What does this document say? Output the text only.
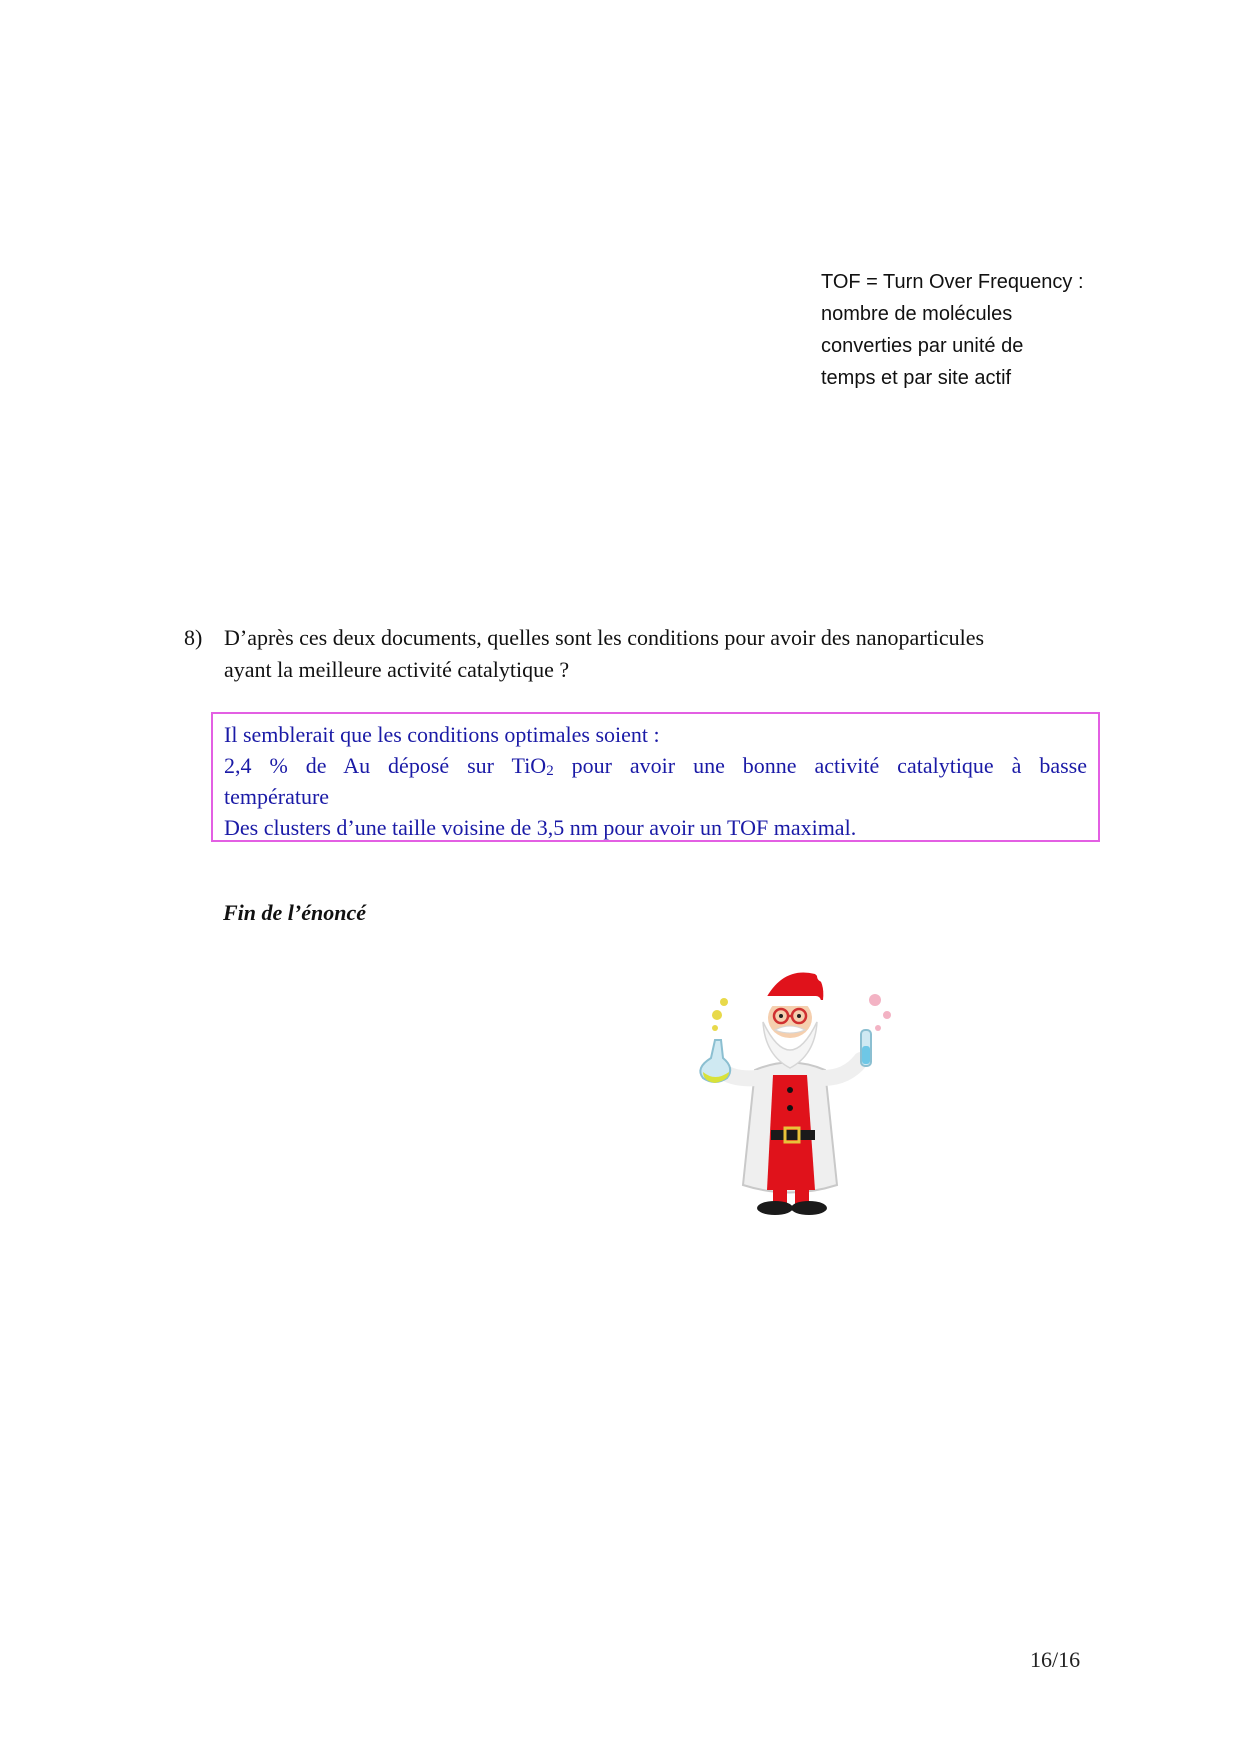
TOF = Turn Over Frequency :
nombre de molécules
converties par unité de
temps et par site actif
8) D’après ces deux documents, quelles sont les conditions pour avoir des nanoparticules
ayant la meilleure activité catalytique ?
Il semblerait que les conditions optimales soient :
2,4 % de Au déposé sur TiO$_2$ pour avoir une bonne activité catalytique à basse
température
Des clusters d’une taille voisine de 3,5 nm pour avoir un TOF maximal.
Fin de l’énoncé
16/16
